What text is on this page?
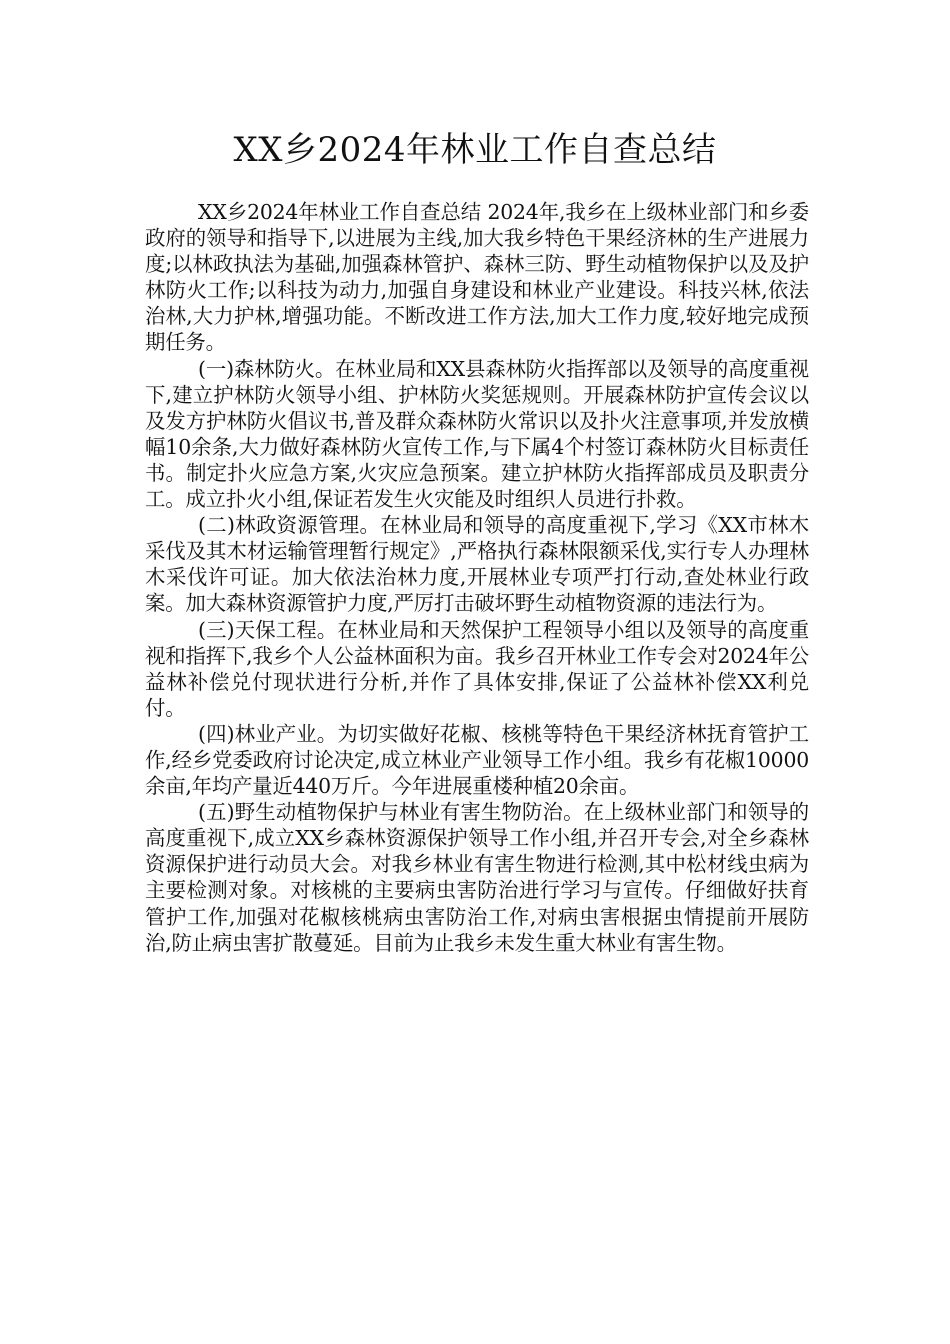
XX乡2024年林业工作自查总结

XX乡2024年林业工作自查总结 2024年,我乡在上级林业部门和乡委政府的领导和指导下,以进展为主线,加大我乡特色干果经济林的生产进展力度;以林政执法为基础,加强森林管护、森林三防、野生动植物保护以及及护林防火工作;以科技为动力,加强自身建设和林业产业建设。科技兴林,依法治林,大力护林,增强功能。不断改进工作方法,加大工作力度,较好地完成预期任务。

(一)森林防火。在林业局和XX县森林防火指挥部以及领导的高度重视下,建立护林防火领导小组、护林防火奖惩规则。开展森林防护宣传会议以及发方护林防火倡议书,普及群众森林防火常识以及扑火注意事项,并发放横幅10余条,大力做好森林防火宣传工作,与下属4个村签订森林防火目标责任书。制定扑火应急方案,火灾应急预案。建立护林防火指挥部成员及职责分工。成立扑火小组,保证若发生火灾能及时组织人员进行扑救。

(二)林政资源管理。在林业局和领导的高度重视下,学习《XX市林木采伐及其木材运输管理暂行规定》,严格执行森林限额采伐,实行专人办理林木采伐许可证。加大依法治林力度,开展林业专项严打行动,查处林业行政案。加大森林资源管护力度,严厉打击破坏野生动植物资源的违法行为。

(三)天保工程。在林业局和天然保护工程领导小组以及领导的高度重视和指挥下,我乡个人公益林面积为亩。我乡召开林业工作专会对2024年公益林补偿兑付现状进行分析,并作了具体安排,保证了公益林补偿XX利兑付。

(四)林业产业。为切实做好花椒、核桃等特色干果经济林抚育管护工作,经乡党委政府讨论决定,成立林业产业领导工作小组。我乡有花椒10000余亩,年均产量近440万斤。今年进展重楼种植20余亩。

(五)野生动植物保护与林业有害生物防治。在上级林业部门和领导的高度重视下,成立XX乡森林资源保护领导工作小组,并召开专会,对全乡森林资源保护进行动员大会。对我乡林业有害生物进行检测,其中松材线虫病为主要检测对象。对核桃的主要病虫害防治进行学习与宣传。仔细做好扶育管护工作,加强对花椒核桃病虫害防治工作,对病虫害根据虫情提前开展防治,防止病虫害扩散蔓延。目前为止我乡未发生重大林业有害生物。
